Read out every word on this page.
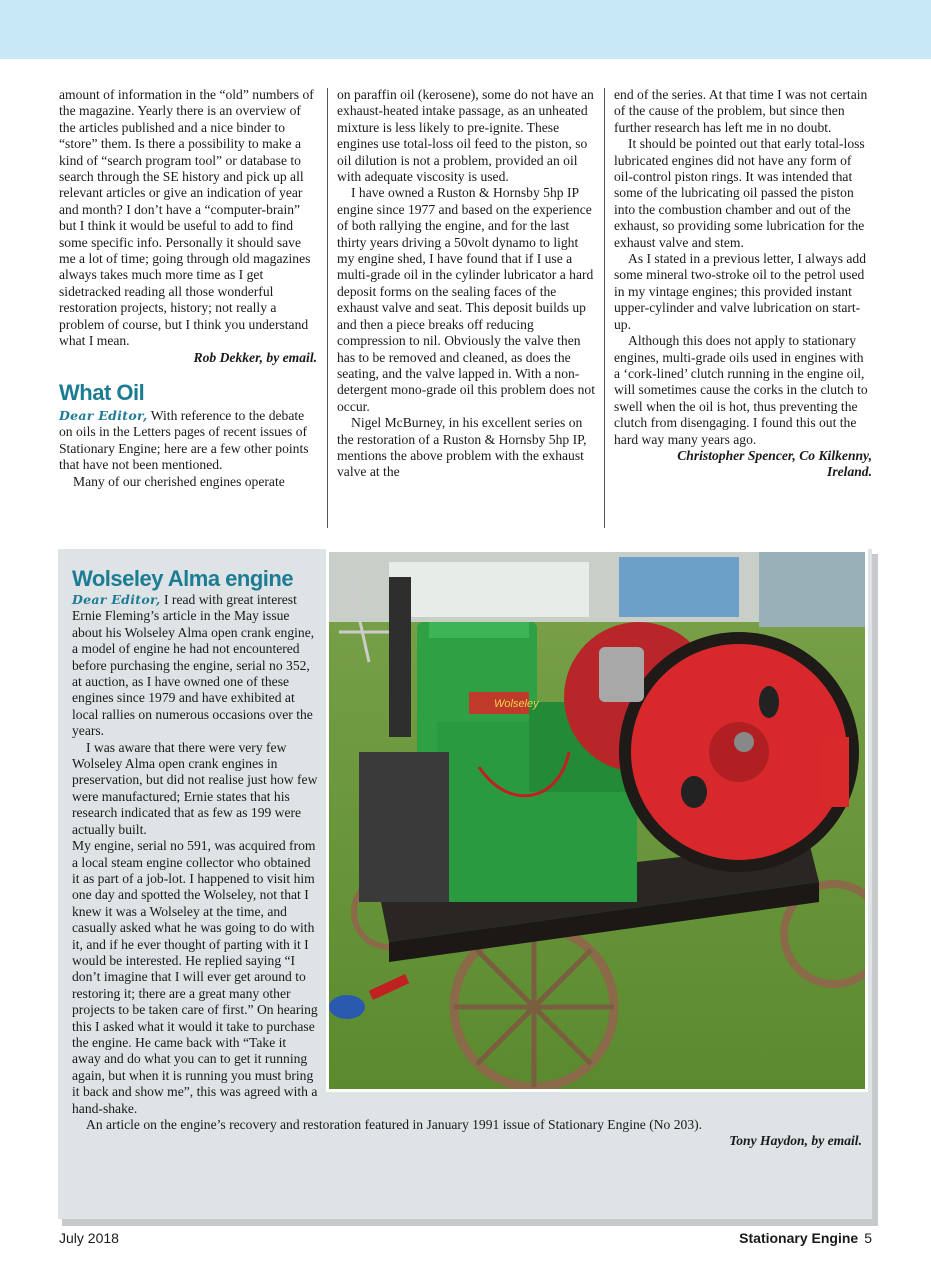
amount of information in the “old” numbers of the magazine. Yearly there is an overview of the articles published and a nice binder to “store” them. Is there a possibility to make a kind of “search program tool” or database to search through the SE history and pick up all relevant articles or give an indication of year and month? I don’t have a “computer-brain” but I think it would be useful to add to find some specific info. Personally it should save me a lot of time; going through old magazines always takes much more time as I get sidetracked reading all those wonderful restoration projects, history; not really a problem of course, but I think you understand what I mean.

Rob Dekker, by email.

What Oil

Dear Editor, With reference to the debate on oils in the Letters pages of recent issues of Stationary Engine; here are a few other points that have not been mentioned.

Many of our cherished engines operate

on paraffin oil (kerosene), some do not have an exhaust-heated intake passage, as an unheated mixture is less likely to pre-ignite. These engines use total-loss oil feed to the piston, so oil dilution is not a problem, provided an oil with adequate viscosity is used.

I have owned a Ruston & Hornsby 5hp IP engine since 1977 and based on the experience of both rallying the engine, and for the last thirty years driving a 50volt dynamo to light my engine shed, I have found that if I use a multi-grade oil in the cylinder lubricator a hard deposit forms on the sealing faces of the exhaust valve and seat. This deposit builds up and then a piece breaks off reducing compression to nil. Obviously the valve then has to be removed and cleaned, as does the seating, and the valve lapped in. With a non-detergent mono-grade oil this problem does not occur.

Nigel McBurney, in his excellent series on the restoration of a Ruston & Hornsby 5hp IP, mentions the above problem with the exhaust valve at the

end of the series. At that time I was not certain of the cause of the problem, but since then further research has left me in no doubt.

It should be pointed out that early total-loss lubricated engines did not have any form of oil-control piston rings. It was intended that some of the lubricating oil passed the piston into the combustion chamber and out of the exhaust, so providing some lubrication for the exhaust valve and stem.

As I stated in a previous letter, I always add some mineral two-stroke oil to the petrol used in my vintage engines; this provided instant upper-cylinder and valve lubrication on start-up.

Although this does not apply to stationary engines, multi-grade oils used in engines with a ‘cork-lined’ clutch running in the engine oil, will sometimes cause the corks in the clutch to swell when the oil is hot, thus preventing the clutch from disengaging. I found this out the hard way many years ago.

Christopher Spencer, Co Kilkenny,

Ireland.

Wolseley
Wolseley Alma engine

Dear Editor, I read with great interest Ernie Fleming’s article in the May issue about his Wolseley Alma open crank engine, a model of engine he had not encountered before purchasing the engine, serial no 352, at auction, as I have owned one of these engines since 1979 and have exhibited at local rallies on numerous occasions over the years.

I was aware that there were very few Wolseley Alma open crank engines in preservation, but did not realise just how few were manufactured; Ernie states that his research indicated that as few as 199 were actually built.

My engine, serial no 591, was acquired from a local steam engine collector who obtained it as part of a job-lot. I happened to visit him one day and spotted the Wolseley, not that I knew it was a Wolseley at the time, and casually asked what he was going to do with it, and if he ever thought of parting with it I would be interested. He replied saying “I don’t imagine that I will ever get around to restoring it; there are a great many other projects to be taken care of first.” On hearing this I asked what it would it take to purchase the engine. He came back with “Take it away and do what you can to get it running again, but when it is running you must bring it back and show me”, this was agreed with a hand-shake.

An article on the engine’s recovery and restoration featured in January 1991 issue of Stationary Engine (No 203).

Tony Haydon, by email.

July 2018	Stationary Engine 5
